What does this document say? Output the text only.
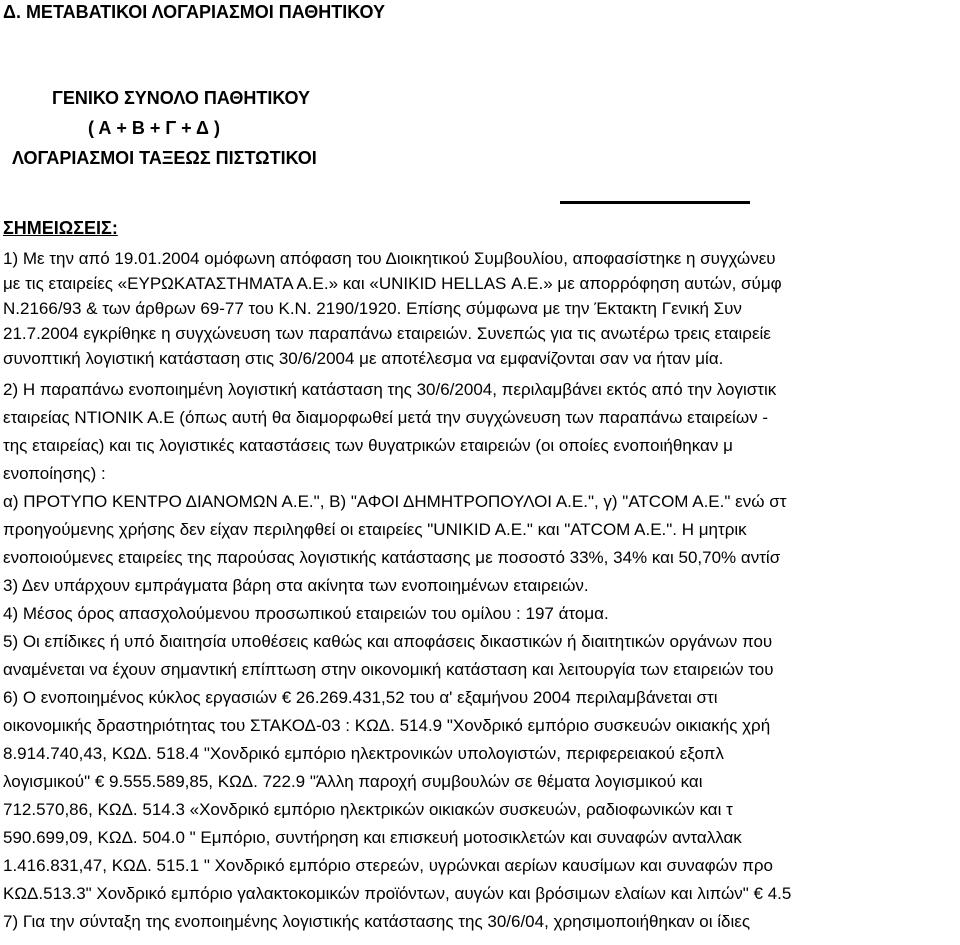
Δ. ΜΕΤΑΒΑΤΙΚΟΙ ΛΟΓΑΡΙΑΣΜΟΙ ΠΑΘΗΤΙΚΟΥ
ΓΕΝΙΚΟ ΣΥΝΟΛΟ ΠΑΘΗΤΙΚΟΥ
( Α + Β + Γ + Δ )
ΛΟΓΑΡΙΑΣΜΟΙ ΤΑΞΕΩΣ ΠΙΣΤΩΤΙΚΟΙ
ΣΗΜΕΙΩΣΕΙΣ:
1) Με την από 19.01.2004 ομόφωνη απόφαση του Διοικητικού Συμβουλίου, αποφασίστηκε η συγχώνευ
με τις εταιρείες «ΕΥΡΩΚΑΤΑΣΤΗΜΑΤΑ Α.Ε.» και «UNIKID HELLAS Α.Ε.» με απορρόφηση αυτών, σύμφ
Ν.2166/93 & των άρθρων 69-77 του Κ.Ν. 2190/1920. Επίσης σύμφωνα με την Έκτακτη Γενική Συν
21.7.2004 εγκρίθηκε η συγχώνευση των παραπάνω εταιρειών. Συνεπώς για τις ανωτέρω τρεις εταιρείε
συνοπτική λογιστική κατάσταση στις 30/6/2004 με αποτέλεσμα να εμφανίζονται σαν να ήταν μία.
2) Η παραπάνω ενοποιημένη λογιστική κατάσταση της 30/6/2004, περιλαμβάνει εκτός από την λογιστικ
εταιρείας ΝΤΙΟΝΙΚ Α.Ε (όπως αυτή θα διαμορφωθεί μετά την συγχώνευση των παραπάνω εταιρείων -
της εταιρείας) και τις λογιστικές καταστάσεις των θυγατρικών εταιρειών (οι οποίες ενοποιήθηκαν μ
ενοποίησης) :
α) ΠΡΟΤΥΠΟ ΚΕΝΤΡΟ ΔΙΑΝΟΜΩΝ Α.Ε.", Β) "ΑΦΟΙ ΔΗΜΗΤΡΟΠΟΥΛΟΙ Α.Ε.", γ) "ATCOM A.E." ενώ στ
προηγούμενης χρήσης δεν είχαν περιληφθεί οι εταιρείες "UNIKID A.E." και "ATCOM A.E.". Η μητρικ
ενοποιούμενες εταιρείες της παρούσας λογιστικής κατάστασης με ποσοστό 33%, 34% και 50,70% αντίσ
3) Δεν υπάρχουν εμπράγματα βάρη στα ακίνητα των ενοποιημένων εταιρειών.
4) Μέσος όρος απασχολούμενου προσωπικού εταιρειών του ομίλου : 197 άτομα.
5) Οι επίδικες ή υπό διαιτησία υποθέσεις καθώς και αποφάσεις δικαστικών ή διαιτητικών οργάνων που
αναμένεται να έχουν σημαντική επίπτωση στην οικονομική κατάσταση και λειτουργία των εταιρειών του
6) Ο ενοποιημένος κύκλος εργασιών € 26.269.431,52 του α' εξαμήνου 2004 περιλαμβάνεται στι
οικονομικής δραστηριότητας του ΣΤΑΚΟΔ-03 : ΚΩΔ. 514.9 "Χονδρικό εμπόριο συσκευών οικιακής χρή
8.914.740,43, ΚΩΔ. 518.4 "Χονδρικό εμπόριο ηλεκτρονικών υπολογιστών, περιφερειακού εξοπλ
λογισμικού" € 9.555.589,85, ΚΩΔ. 722.9 "Άλλη παροχή συμβουλών σε θέματα λογισμικού και
712.570,86, ΚΩΔ. 514.3 «Χονδρικό εμπόριο ηλεκτρικών οικιακών συσκευών, ραδιοφωνικών και τ
590.699,09, ΚΩΔ. 504.0 " Εμπόριο, συντήρηση και επισκευή μοτοσικλετών και συναφών ανταλλακ
1.416.831,47, ΚΩΔ. 515.1 " Χονδρικό εμπόριο στερεών, υγρώνκαι αερίων καυσίμων και συναφών προ
ΚΩΔ.513.3" Χονδρικό εμπόριο γαλακτοκομικών προϊόντων, αυγών και βρόσιμων ελαίων και λιπών" € 4.5
7) Για την σύνταξη της ενοποιημένης λογιστικής κατάστασης της 30/6/04, χρησιμοποιήθηκαν οι ίδιες
